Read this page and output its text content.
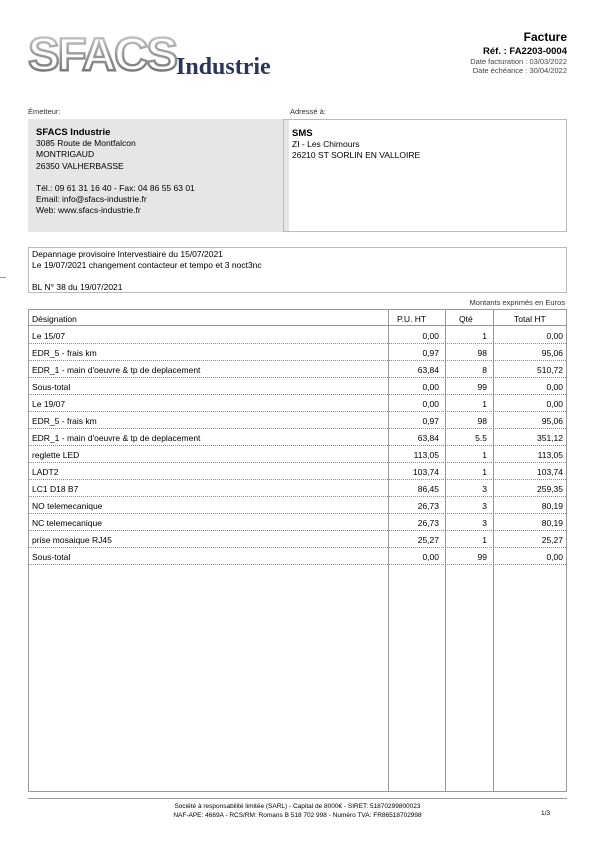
SFACS Industrie
Facture
Réf. : FA2203-0004
Date facturation : 03/03/2022
Date échéance : 30/04/2022
Émetteur:	Adressé à:
SFACS Industrie
3085 Route de Montfalcon
MONTRIGAUD
26350 VALHERBASSE
Tél.: 09 61 31 16 40 - Fax: 04 86 55 63 01
Email: info@sfacs-industrie.fr
Web: www.sfacs-industrie.fr
SMS
ZI - Les Chimours
26210 ST SORLIN EN VALLOIRE
Depannage provisoire Intervestiaire du 15/07/2021
Le 19/07/2021 changement contacteur et tempo et 3 noct3nc
BL N° 38 du 19/07/2021
Montants exprimés en Euros
Désignation	P.U. HT	Qté	Total HT
Le 15/07	0,00	1	0,00
EDR_5 - frais km	0,97	98	95,06
EDR_1 - main d'oeuvre & tp de deplacement	63,84	8	510,72
Sous-total	0,00	99	0,00
Le 19/07	0,00	1	0,00
EDR_5 - frais km	0,97	98	95,06
EDR_1 - main d'oeuvre & tp de deplacement	63,84	5.5	351,12
reglette LED	113,05	1	113,05
LADT2	103,74	1	103,74
LC1 D18 B7	86,45	3	259,35
NO telemecanique	26,73	3	80,19
NC telemecanique	26,73	3	80,19
prise mosaique RJ45	25,27	1	25,27
Sous-total	0,00	99	0,00
Société à responsabilité limitée (SARL) - Capital de 8000€ - SIRET: 51870299800023
NAF-APE: 4669A - RCS/RM: Romans B 518 702 998 - Numéro TVA: FR86518702998	1/3
